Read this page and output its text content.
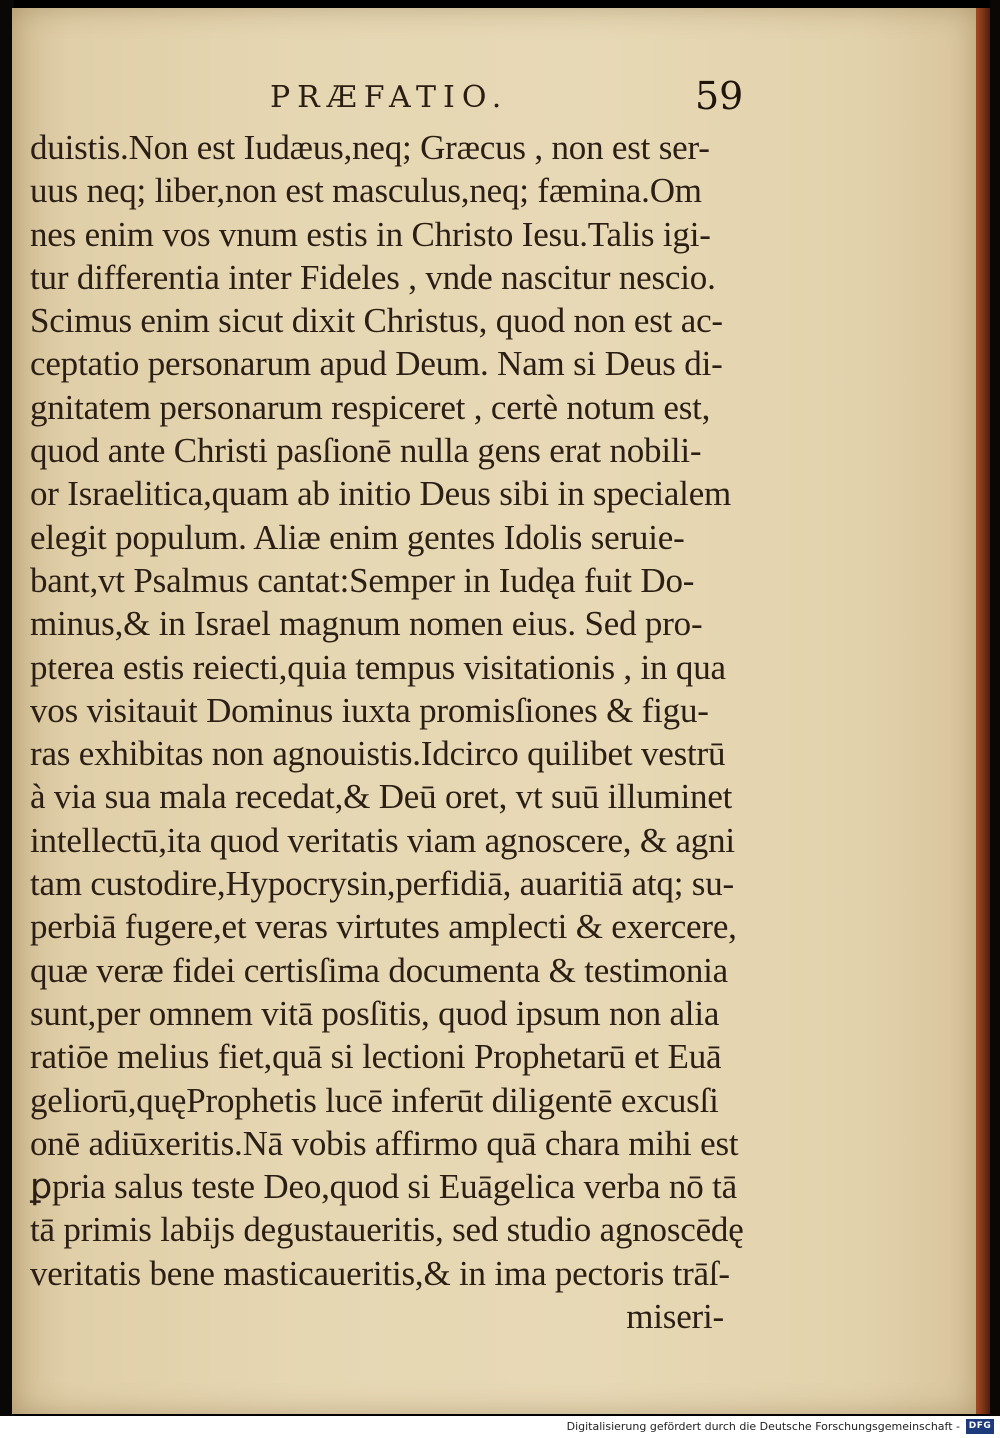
PRÆFATIO.	59
duistis.Non est Iudæus,neq; Græcus , non est ser-
uus neq; liber,non est masculus,neq; fæmina.Om
nes enim vos vnum estis in Christo Iesu.Talis igi-
tur differentia inter Fideles , vnde nascitur nescio.
Scimus enim sicut dixit Christus, quod non est ac-
ceptatio personarum apud Deum. Nam si Deus di-
gnitatem personarum respiceret , certè notum est,
quod ante Christi pasſionē nulla gens erat nobili-
or Israelitica,quam ab initio Deus sibi in specialem
elegit populum. Aliæ enim gentes Idolis seruie-
bant,vt Psalmus cantat:Semper in Iudęa fuit Do-
minus,& in Israel magnum nomen eius. Sed pro-
pterea estis reiecti,quia tempus visitationis , in qua
vos visitauit Dominus iuxta promisſiones & figu-
ras exhibitas non agnouistis.Idcirco quilibet vestrū
à via sua mala recedat,& Deū oret, vt suū illuminet
intellectū,ita quod veritatis viam agnoscere, & agni
tam custodire,Hypocrysin,perfidiā, auaritiā atq; su-
perbiā fugere,et veras virtutes amplecti & exercere,
quæ veræ fidei certisſima documenta & testimonia
sunt,per omnem vitā posſitis, quod ipsum non alia
ratiōe melius fiet,quā si lectioni Prophetarū et Euā
geliorū,quęProphetis lucē inferūt diligentē excusſi
onē adiūxeritis.Nā vobis affirmo quā chara mihi est
ꝑpria salus teste Deo,quod si Euāgelica verba nō tā
tā primis labijs degustaueritis, sed studio agnoscēdę
veritatis bene masticaueritis,& in ima pectoris trāſ-
miseri-
Digitalisierung gefördert durch die Deutsche Forschungsgemeinschaft - DFG
